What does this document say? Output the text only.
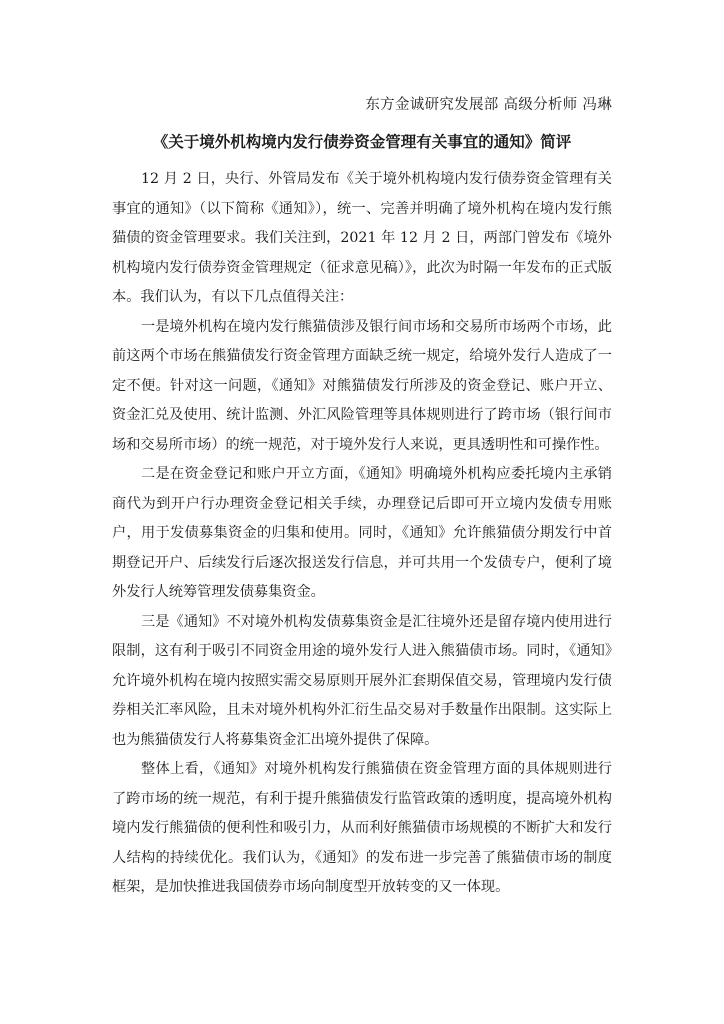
东方金诚研究发展部 高级分析师 冯琳
《关于境外机构境内发行债券资金管理有关事宜的通知》简评

12 月 2 日，央行、外管局发布《关于境外机构境内发行债券资金管理有关事宜的通知》（以下简称《通知》），统一、完善并明确了境外机构在境内发行熊猫债的资金管理要求。我们关注到，2021 年 12 月 2 日，两部门曾发布《境外机构境内发行债券资金管理规定（征求意见稿）》，此次为时隔一年发布的正式版本。我们认为，有以下几点值得关注：

一是境外机构在境内发行熊猫债涉及银行间市场和交易所市场两个市场，此前这两个市场在熊猫债发行资金管理方面缺乏统一规定，给境外发行人造成了一定不便。针对这一问题，《通知》对熊猫债发行所涉及的资金登记、账户开立、资金汇兑及使用、统计监测、外汇风险管理等具体规则进行了跨市场（银行间市场和交易所市场）的统一规范，对于境外发行人来说，更具透明性和可操作性。

二是在资金登记和账户开立方面，《通知》明确境外机构应委托境内主承销商代为到开户行办理资金登记相关手续，办理登记后即可开立境内发债专用账户，用于发债募集资金的归集和使用。同时，《通知》允许熊猫债分期发行中首期登记开户、后续发行后逐次报送发行信息，并可共用一个发债专户，便利了境外发行人统筹管理发债募集资金。

三是《通知》不对境外机构发债募集资金是汇往境外还是留存境内使用进行限制，这有利于吸引不同资金用途的境外发行人进入熊猫债市场。同时，《通知》允许境外机构在境内按照实需交易原则开展外汇套期保值交易，管理境内发行债券相关汇率风险，且未对境外机构外汇衍生品交易对手数量作出限制。这实际上也为熊猫债发行人将募集资金汇出境外提供了保障。

整体上看，《通知》对境外机构发行熊猫债在资金管理方面的具体规则进行了跨市场的统一规范，有利于提升熊猫债发行监管政策的透明度，提高境外机构境内发行熊猫债的便利性和吸引力，从而利好熊猫债市场规模的不断扩大和发行人结构的持续优化。我们认为，《通知》的发布进一步完善了熊猫债市场的制度框架，是加快推进我国债券市场向制度型开放转变的又一体现。
